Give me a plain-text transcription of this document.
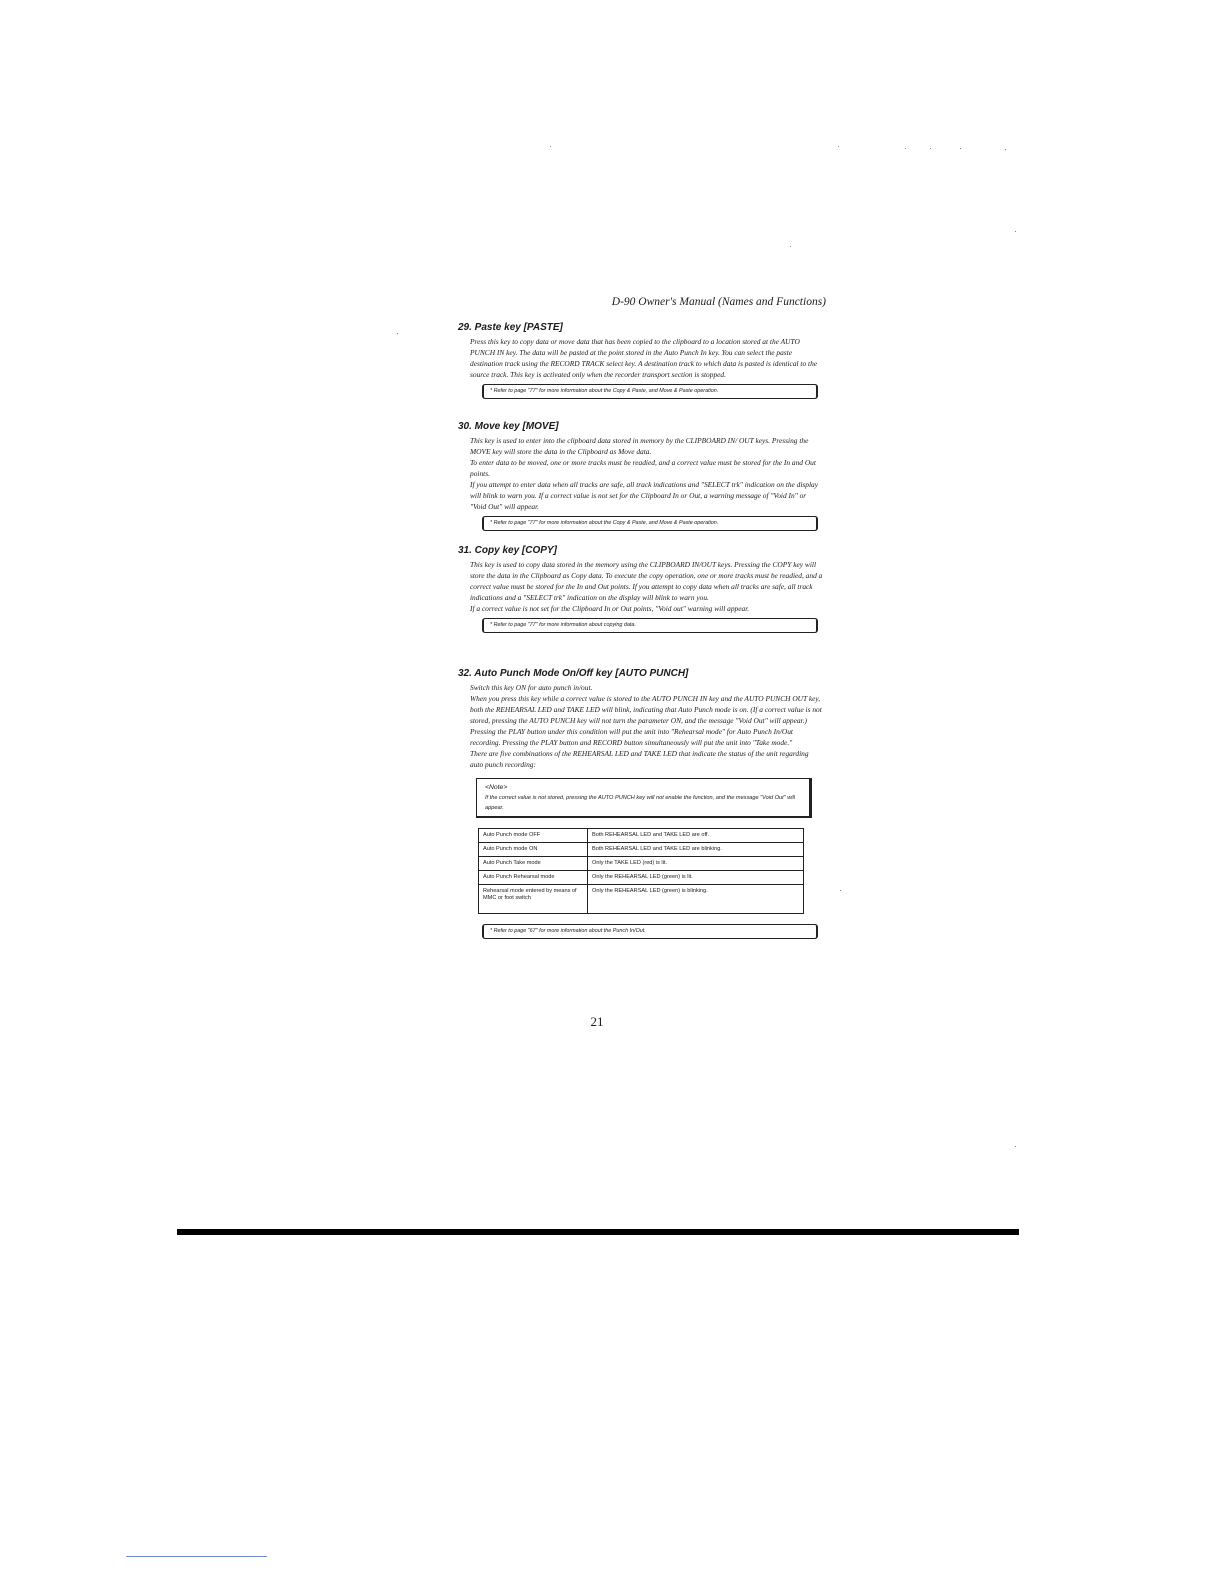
D-90 Owner's Manual (Names and Functions)
29. Paste key [PASTE]

Press this key to copy data or move data that has been copied to the clipboard to a location stored at the AUTO PUNCH IN key. The data will be pasted at the point stored in the Auto Punch In key. You can select the paste destination track using the RECORD TRACK select key. A destination track to which data is pasted is identical to the source track. This key is activated only when the recorder transport section is stopped.

* Refer to page "77" for more information about the Copy & Paste, and Move & Paste operation.
30. Move key [MOVE]

This key is used to enter into the clipboard data stored in memory by the CLIPBOARD IN/ OUT keys. Pressing the MOVE key will store the data in the Clipboard as Move data.

To enter data to be moved, one or more tracks must be readied, and a correct value must be stored for the In and Out points.

If you attempt to enter data when all tracks are safe, all track indications and "SELECT trk" indication on the display will blink to warn you. If a correct value is not set for the Clipboard In or Out, a warning message of "Void In" or "Void Out" will appear.

* Refer to page "77" for more information about the Copy & Paste, and Move & Paste operation.
31. Copy key [COPY]

This key is used to copy data stored in the memory using the CLIPBOARD IN/OUT keys. Pressing the COPY key will store the data in the Clipboard as Copy data. To execute the copy operation, one or more tracks must be readied, and a correct value must be stored for the In and Out points. If you attempt to copy data when all tracks are safe, all track indications and a "SELECT trk" indication on the display will blink to warn you.

If a correct value is not set for the Clipboard In or Out points, "Void out" warning will appear.

* Refer to page "77" for more information about copying data.
32. Auto Punch Mode On/Off key [AUTO PUNCH]

Switch this key ON for auto punch in/out.

When you press this key while a correct value is stored to the AUTO PUNCH IN key and the AUTO PUNCH OUT key, both the REHEARSAL LED and TAKE LED will blink, indicating that Auto Punch mode is on. (If a correct value is not stored, pressing the AUTO PUNCH key will not turn the parameter ON, and the message "Void Out" will appear.)

Pressing the PLAY button under this condition will put the unit into "Rehearsal mode" for Auto Punch In/Out recording. Pressing the PLAY button and RECORD button simultaneously will put the unit into "Take mode."

There are five combinations of the REHEARSAL LED and TAKE LED that indicate the status of the unit regarding auto punch recording:

<Note>
If the correct value is not stored, pressing the AUTO PUNCH key will not enable the function, and the message "Void Out" will appear.
Auto Punch mode OFF	Both REHEARSAL LED and TAKE LED are off.
Auto Punch mode ON	Both REHEARSAL LED and TAKE LED are blinking.
Auto Punch Take mode	Only the TAKE LED (red) is lit.
Auto Punch Rehearsal mode	Only the REHEARSAL LED (green) is lit.
Rehearsal mode entered by means of MMC or foot switch	Only the REHEARSAL LED (green) is blinking.
* Refer to page "67" for more information about the Punch In/Out.
21
